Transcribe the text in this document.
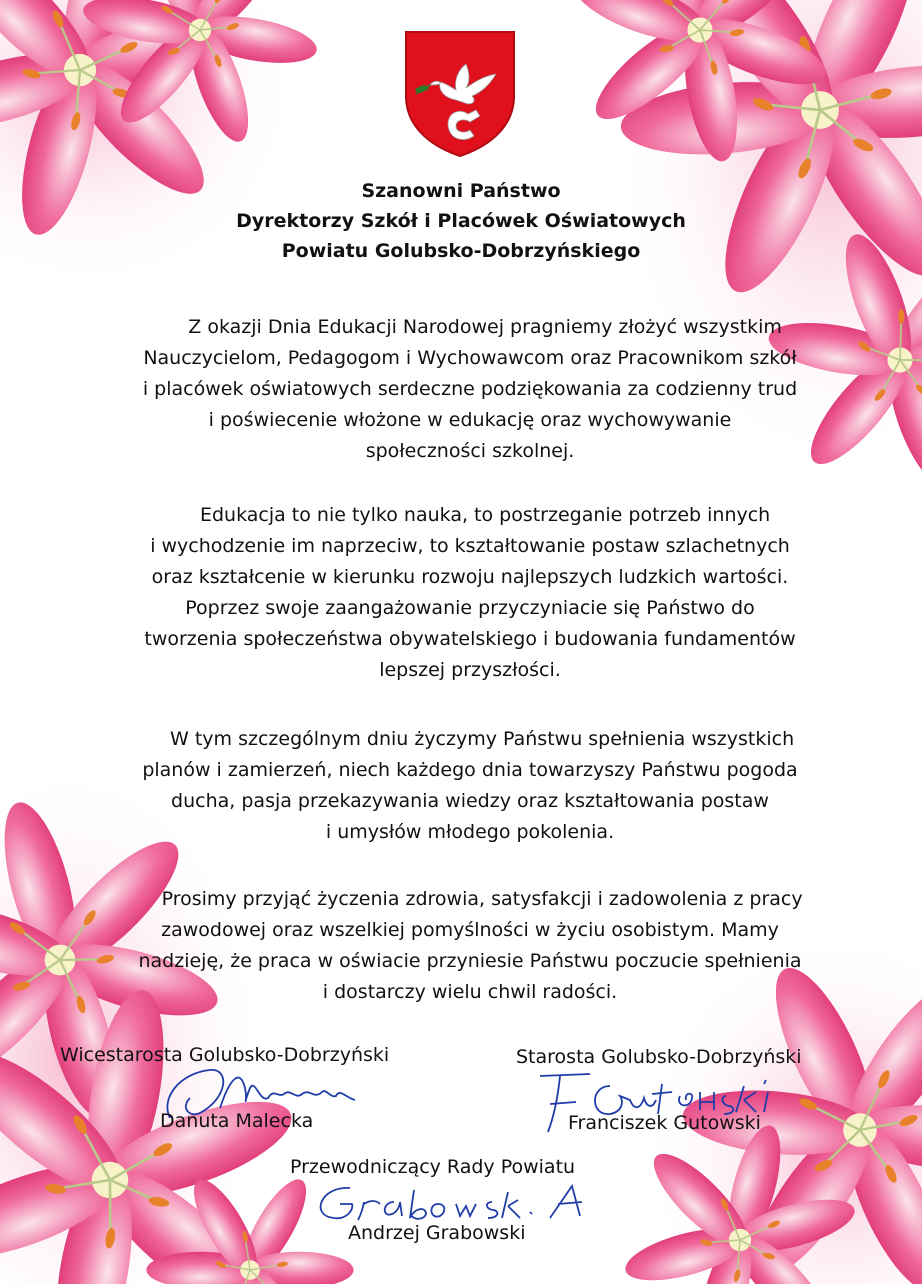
Szanowni Państwo
Dyrektorzy Szkół i Placówek Oświatowych
Powiatu Golubsko-Dobrzyńskiego
Z okazji Dnia Edukacji Narodowej pragniemy złożyć wszystkim
Nauczycielom, Pedagogom i Wychowawcom oraz Pracownikom szkół
i placówek oświatowych serdeczne podziękowania za codzienny trud
i poświecenie włożone w edukację oraz wychowywanie
społeczności szkolnej.
Edukacja to nie tylko nauka, to postrzeganie potrzeb innych
i wychodzenie im naprzeciw, to kształtowanie postaw szlachetnych
oraz kształcenie w kierunku rozwoju najlepszych ludzkich wartości.
Poprzez swoje zaangażowanie przyczyniacie się Państwo do
tworzenia społeczeństwa obywatelskiego i budowania fundamentów
lepszej przyszłości.
W tym szczególnym dniu życzymy Państwu spełnienia wszystkich
planów i zamierzeń, niech każdego dnia towarzyszy Państwu pogoda
ducha, pasja przekazywania wiedzy oraz kształtowania postaw
i umysłów młodego pokolenia.
Prosimy przyjąć życzenia zdrowia, satysfakcji i zadowolenia z pracy
zawodowej oraz wszelkiej pomyślności w życiu osobistym. Mamy
nadzieję, że praca w oświacie przyniesie Państwu poczucie spełnienia
i dostarczy wielu chwil radości.
Wicestarosta Golubsko-Dobrzyński
Danuta Malecka
Starosta Golubsko-Dobrzyński
Franciszek Gutowski
Przewodniczący Rady Powiatu
Andrzej Grabowski
